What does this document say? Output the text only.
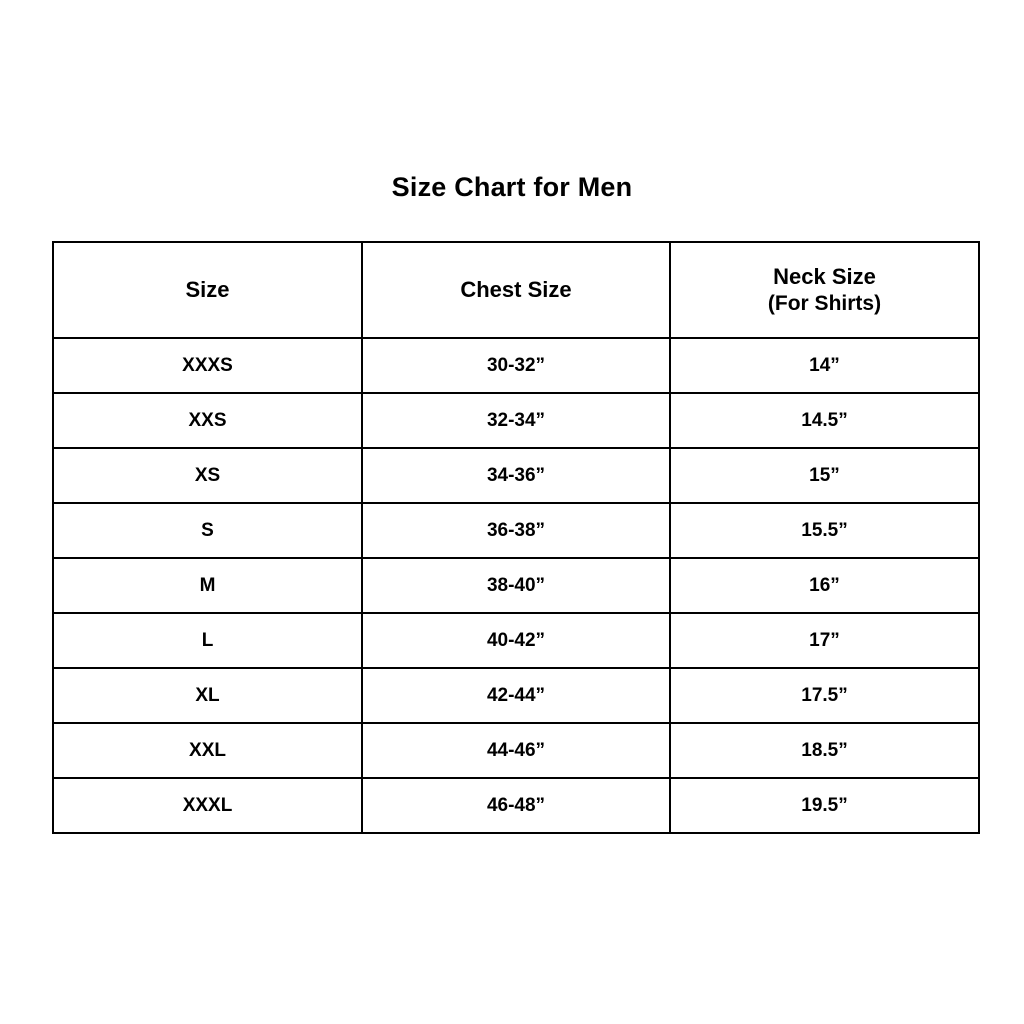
Size Chart for Men
Size	Chest Size	Neck Size
(For Shirts)

XXXS	30-32”	14”
XXS	32-34”	14.5”
XS	34-36”	15”
S	36-38”	15.5”
M	38-40”	16”
L	40-42”	17”
XL	42-44”	17.5”
XXL	44-46”	18.5”
XXXL	46-48”	19.5”
